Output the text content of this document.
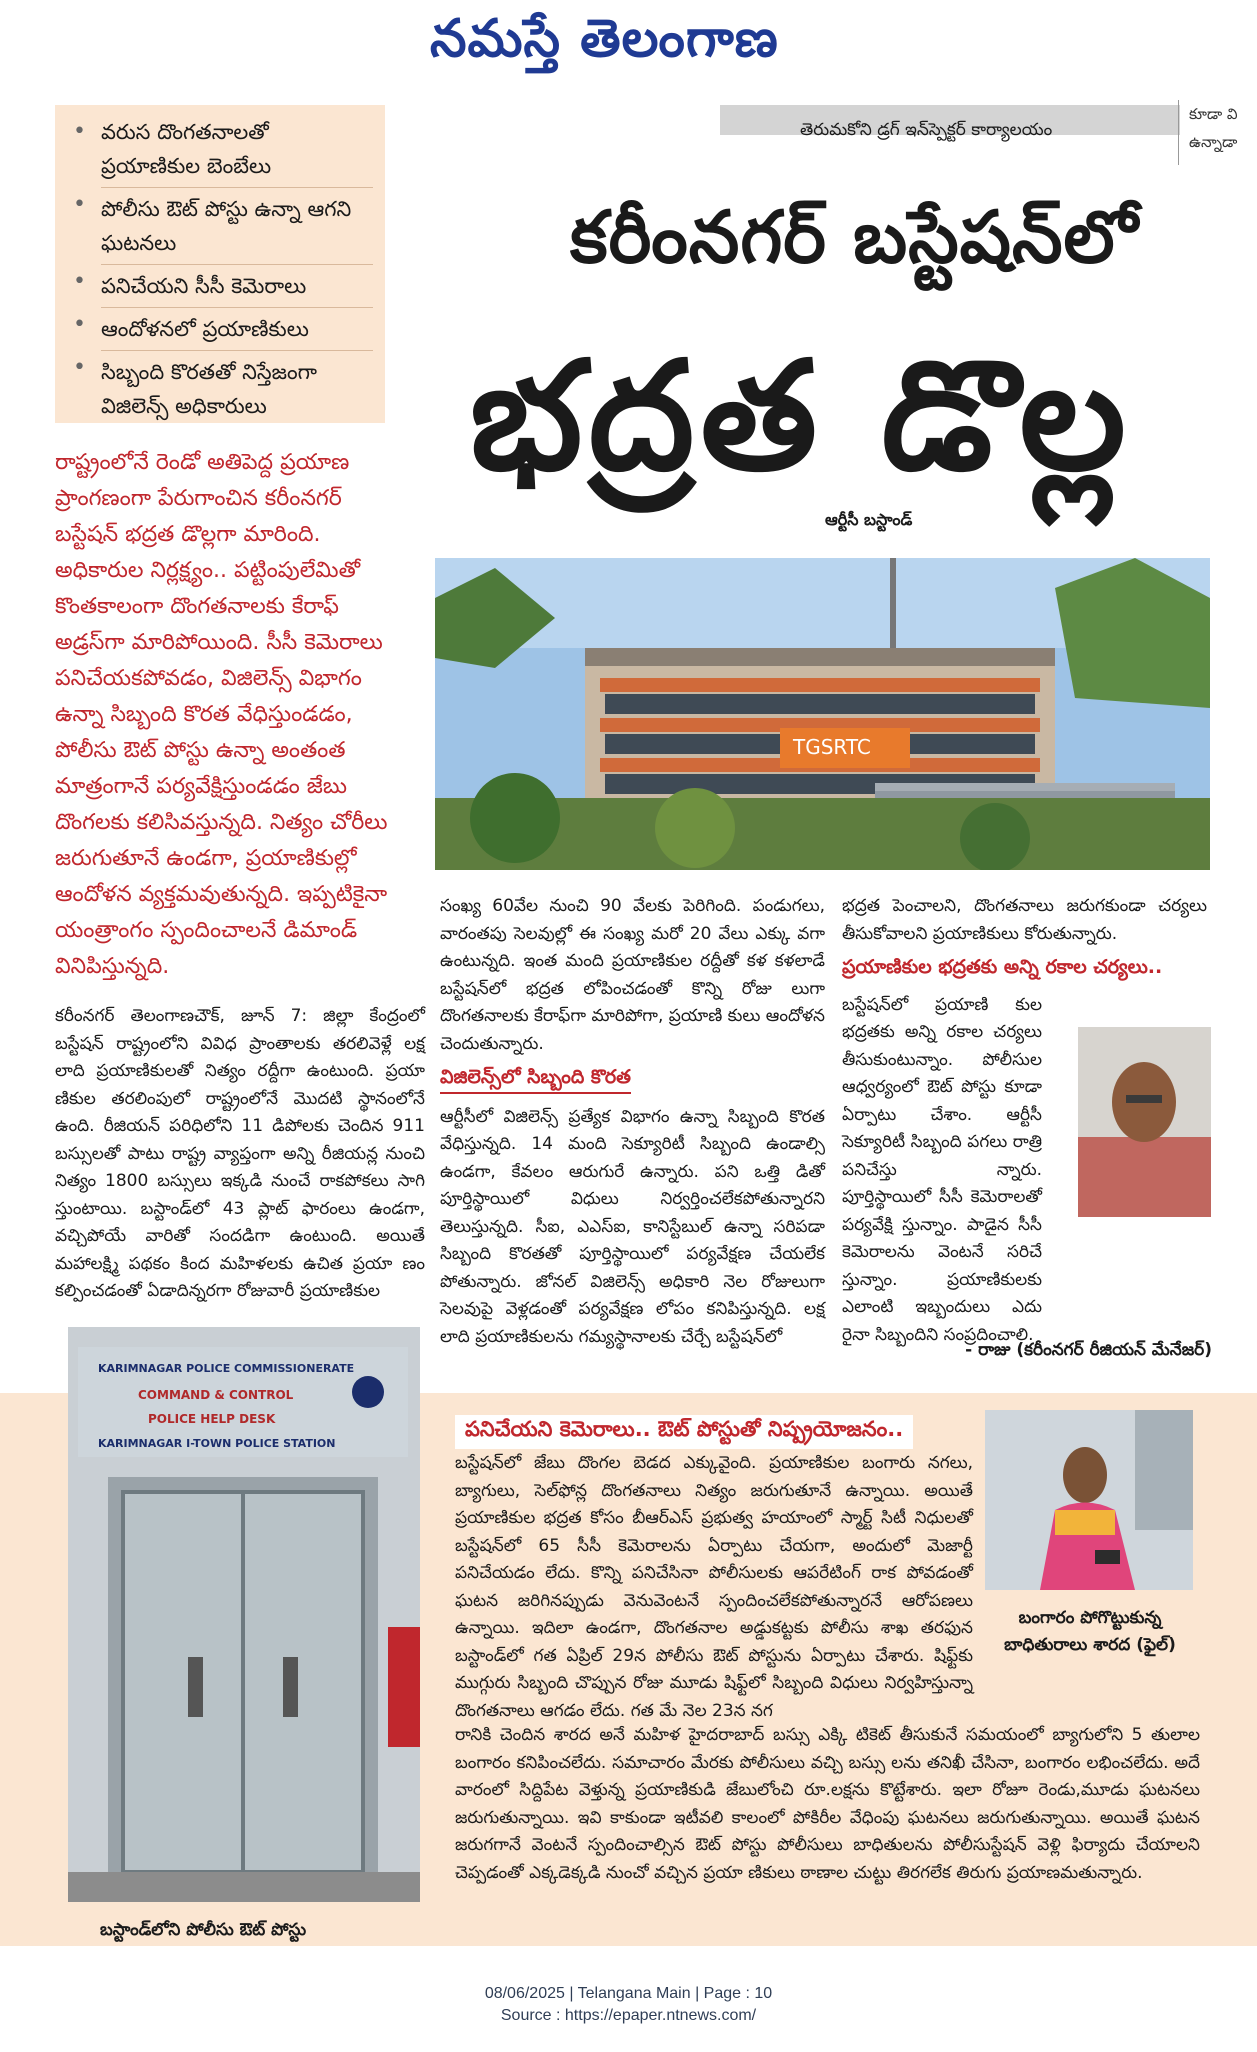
నమస్తే తెలంగాణ
• వరుస దొంగతనాలతో ప్రయాణికుల బెంబేలు
• పోలీసు ఔట్‌ పోస్టు ఉన్నా ఆగని ఘటనలు
• పనిచేయని సీసీ కెమెరాలు
• ఆందోళనలో ప్రయాణికులు
• సిబ్బంది కొరతతో నిస్తేజంగా విజిలెన్స్‌ అధికారులు
తెరుమకోని డ్రగ్‌ ఇన్‌స్పెక్టర్‌ కార్యాలయం
కూడా వి
ఉన్నాడా
కరీంనగర్‌ బస్టేషన్‌లో
భద్రత డొల్ల
ఆర్టీసీ బస్టాండ్‌
రాష్ట్రంలోనే రెండో అతిపెద్ద ప్రయాణ ప్రాంగణంగా పేరుగాంచిన కరీంనగర్‌ బస్టేషన్‌ భద్రత డొల్లగా మారింది. అధికారుల నిర్లక్ష్యం.. పట్టింపులేమితో కొంతకాలంగా దొంగతనాలకు కేరాఫ్‌ అడ్రస్‌గా మారిపోయింది. సీసీ కెమెరాలు పనిచేయకపోవడం, విజిలెన్స్‌ విభాగం ఉన్నా సిబ్బంది కొరత వేధిస్తుండడం, పోలీసు ఔట్‌ పోస్టు ఉన్నా అంతంత మాత్రంగానే పర్యవేక్షిస్తుండడం జేబు దొంగలకు కలిసివస్తున్నది. నిత్యం చోరీలు జరుగుతూనే ఉండగా, ప్రయాణికుల్లో ఆందోళన వ్యక్తమవుతున్నది. ఇప్పటికైనా యంత్రాంగం స్పందించాలనే డిమాండ్‌ వినిపిస్తున్నది.
TGSRTC
కరీంనగర్‌ తెలంగాణచౌక్‌, జూన్‌ 7: జిల్లా కేంద్రంలో బస్టేషన్‌ రాష్ట్రంలోని వివిధ ప్రాంతాలకు తరలివెళ్లే లక్ష లాది ప్రయాణికులతో నిత్యం రద్దీగా ఉంటుంది. ప్రయా ణికుల తరలింపులో రాష్ట్రంలోనే మొదటి స్థానంలోనే ఉంది. రీజియన్‌ పరిధిలోని 11 డిపోలకు చెందిన 911 బస్సులతో పాటు రాష్ట్ర వ్యాప్తంగా అన్ని రీజియన్ల నుంచి నిత్యం 1800 బస్సులు ఇక్కడి నుంచే రాకపోకలు సాగి స్తుంటాయి. బస్టాండ్‌లో 43 ప్లాట్‌ ఫారంలు ఉండగా, వచ్చిపోయే వారితో సందడిగా ఉంటుంది. అయితే మహాలక్ష్మి పథకం కింద మహిళలకు ఉచిత ప్రయా ణం కల్పించడంతో ఏడాదిన్నరగా రోజువారీ ప్రయాణికుల
సంఖ్య 60వేల నుంచి 90 వేలకు పెరిగింది. పండుగలు, వారంతపు సెలవుల్లో ఈ సంఖ్య మరో 20 వేలు ఎక్కు వగా ఉంటున్నది. ఇంత మంది ప్రయాణికుల రద్దీతో కళ కళలాడే బస్టేషన్‌లో భద్రత లోపించడంతో కొన్ని రోజు లుగా దొంగతనాలకు కేరాఫ్‌గా మారిపోగా, ప్రయాణి కులు ఆందోళన చెందుతున్నారు.
విజిలెన్స్‌లో సిబ్బంది కొరత
ఆర్టీసీలో విజిలెన్స్‌ ప్రత్యేక విభాగం ఉన్నా సిబ్బంది కొరత వేధిస్తున్నది. 14 మంది సెక్యూరిటీ సిబ్బంది ఉండాల్సి ఉండగా, కేవలం ఆరుగురే ఉన్నారు. పని ఒత్తి డితో పూర్తిస్థాయిలో విధులు నిర్వర్తించలేకపోతున్నారని తెలుస్తున్నది. సీఐ, ఎఎస్‌ఐ, కానిస్టేబుల్‌ ఉన్నా సరిపడా సిబ్బంది కొరతతో పూర్తిస్థాయిలో పర్యవేక్షణ చేయలేక పోతున్నారు. జోనల్‌ విజిలెన్స్‌ అధికారి నెల రోజులుగా సెలవుపై వెళ్లడంతో పర్యవేక్షణ లోపం కనిపిస్తున్నది. లక్ష లాది ప్రయాణికులను గమ్యస్థానాలకు చేర్చే బస్టేషన్‌లో
భద్రత పెంచాలని, దొంగతనాలు జరుగకుండా చర్యలు తీసుకోవాలని ప్రయాణికులు కోరుతున్నారు.
ప్రయాణికుల భద్రతకు అన్ని రకాల చర్యలు..
బస్టేషన్‌లో ప్రయాణి కుల భద్రతకు అన్ని రకాల చర్యలు తీసుకుంటున్నాం. పోలీసుల ఆధ్వర్యంలో ఔట్‌ పోస్టు కూడా ఏర్పాటు చేశాం. ఆర్టీసీ సెక్యూరిటీ సిబ్బంది పగలు రాత్రి పనిచేస్తు న్నారు. పూర్తిస్థాయిలో సీసీ కెమెరాలతో పర్యవేక్షి స్తున్నాం. పాడైన సీసీ కెమెరాలను వెంటనే సరిచే స్తున్నాం. ప్రయాణికులకు ఎలాంటి ఇబ్బందులు ఎదు రైనా సిబ్బందిని సంప్రదించాలి.
- రాజు (కరీంనగర్‌ రీజియన్‌ మేనేజర్‌)
KARIMNAGAR POLICE COMMISSIONERATE
COMMAND & CONTROL
POLICE HELP DESK
KARIMNAGAR I-TOWN POLICE STATION
బస్టాండ్‌లోని పోలీసు ఔట్‌ పోస్టు
పనిచేయని కెమెరాలు.. ఔట్‌ పోస్టుతో నిష్ప్రయోజనం..
బస్టేషన్‌లో జేబు దొంగల బెడద ఎక్కువైంది. ప్రయాణికుల బంగారు నగలు, బ్యాగులు, సెల్‌ఫోన్ల దొంగతనాలు నిత్యం జరుగుతూనే ఉన్నాయి. అయితే ప్రయాణికుల భద్రత కోసం బీఆర్‌ఎస్‌ ప్రభుత్వ హయాంలో స్మార్ట్‌ సిటీ నిధులతో బస్టేషన్‌లో 65 సీసీ కెమెరాలను ఏర్పాటు చేయగా, అందులో మెజార్టీ పనిచేయడం లేదు. కొన్ని పనిచేసినా పోలీసులకు ఆపరేటింగ్‌ రాక పోవడంతో ఘటన జరిగినప్పుడు వెనువెంటనే స్పందించలేకపోతున్నారనే ఆరోపణలు ఉన్నాయి. ఇదిలా ఉండగా, దొంగతనాల అడ్డుకట్టకు పోలీసు శాఖ తరఫున బస్టాండ్‌లో గత ఏప్రిల్‌ 29న పోలీసు ఔట్‌ పోస్టును ఏర్పాటు చేశారు. షిఫ్ట్‌కు ముగ్గురు సిబ్బంది చొప్పున రోజు మూడు షిఫ్ట్‌లో సిబ్బంది విధులు నిర్వహిస్తున్నా దొంగతనాలు ఆగడం లేదు. గత మే నెల 23న నగ
రానికి చెందిన శారద అనే మహిళ హైదరాబాద్‌ బస్సు ఎక్కి టికెట్‌ తీసుకునే సమయంలో బ్యాగులోని 5 తులాల బంగారం కనిపించలేదు. సమాచారం మేరకు పోలీసులు వచ్చి బస్సు లను తనిఖీ చేసినా, బంగారం లభించలేదు. అదే వారంలో సిద్దిపేట వెళ్తున్న ప్రయాణికుడి జేబులోంచి రూ.లక్షను కొట్టేశారు. ఇలా రోజూ రెండు,మూడు ఘటనలు జరుగుతున్నాయి. ఇవి కాకుండా ఇటీవలి కాలంలో పోకిరీల వేధింపు ఘటనలు జరుగుతున్నాయి. అయితే ఘటన జరుగగానే వెంటనే స్పందించాల్సిన ఔట్‌ పోస్టు పోలీసులు బాధితులను పోలీసుస్టేషన్‌ వెళ్లి ఫిర్యాదు చేయాలని చెప్పడంతో ఎక్కడెక్కడి నుంచో వచ్చిన ప్రయా ణికులు ఠాణాల చుట్టు తిరగలేక తిరుగు ప్రయాణమతున్నారు.
బంగారం పోగొట్టుకున్న బాధితురాలు శారద (ఫైల్‌)
08/06/2025 | Telangana Main | Page : 10
Source : https://epaper.ntnews.com/
